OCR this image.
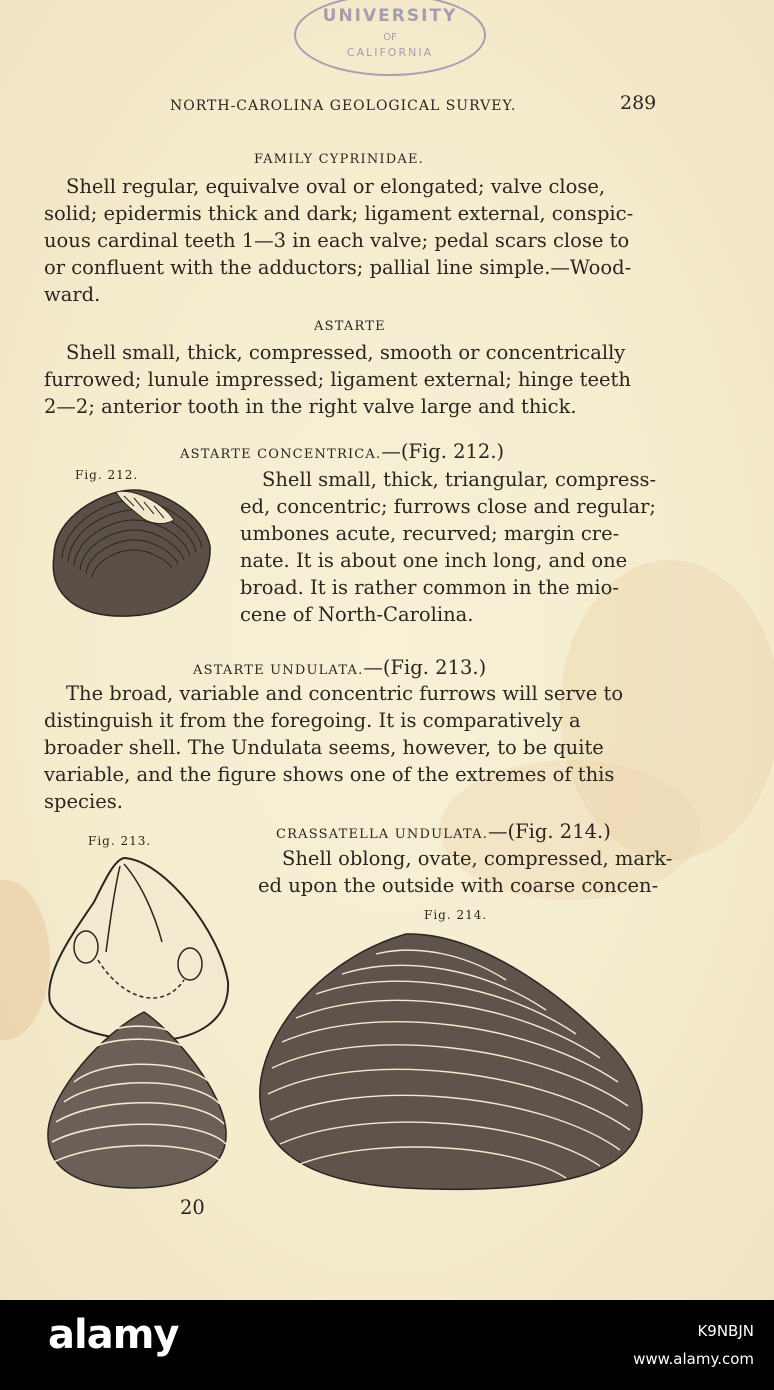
UNIVERSITY
OF
CALIFORNIA
NORTH-CAROLINA GEOLOGICAL SURVEY.	289
FAMILY CYPRINIDAE.
Shell regular, equivalve oval or elongated; valve close,
solid; epidermis thick and dark; ligament external, conspic-
uous cardinal teeth 1—3 in each valve; pedal scars close to
or confluent with the adductors; pallial line simple.—Wood-
ward.
ASTARTE
Shell small, thick, compressed, smooth or concentrically
furrowed; lunule impressed; ligament external; hinge teeth
2—2; anterior tooth in the right valve large and thick.
ASTARTE CONCENTRICA.—(Fig. 212.)
Fig. 212.	Shell small, thick, triangular, compress-
ed, concentric; furrows close and regular;
umbones acute, recurved; margin cre-
nate. It is about one inch long, and one
broad. It is rather common in the mio-
cene of North-Carolina.
ASTARTE UNDULATA.—(Fig. 213.)
The broad, variable and concentric furrows will serve to
distinguish it from the foregoing. It is comparatively a
broader shell. The Undulata seems, however, to be quite
variable, and the figure shows one of the extremes of this
species.
Fig. 213.	CRASSATELLA UNDULATA.—(Fig. 214.)
Shell oblong, ovate, compressed, mark-
ed upon the outside with coarse concen-
Fig. 214.
20
alamy	K9NBJN
www.alamy.com
